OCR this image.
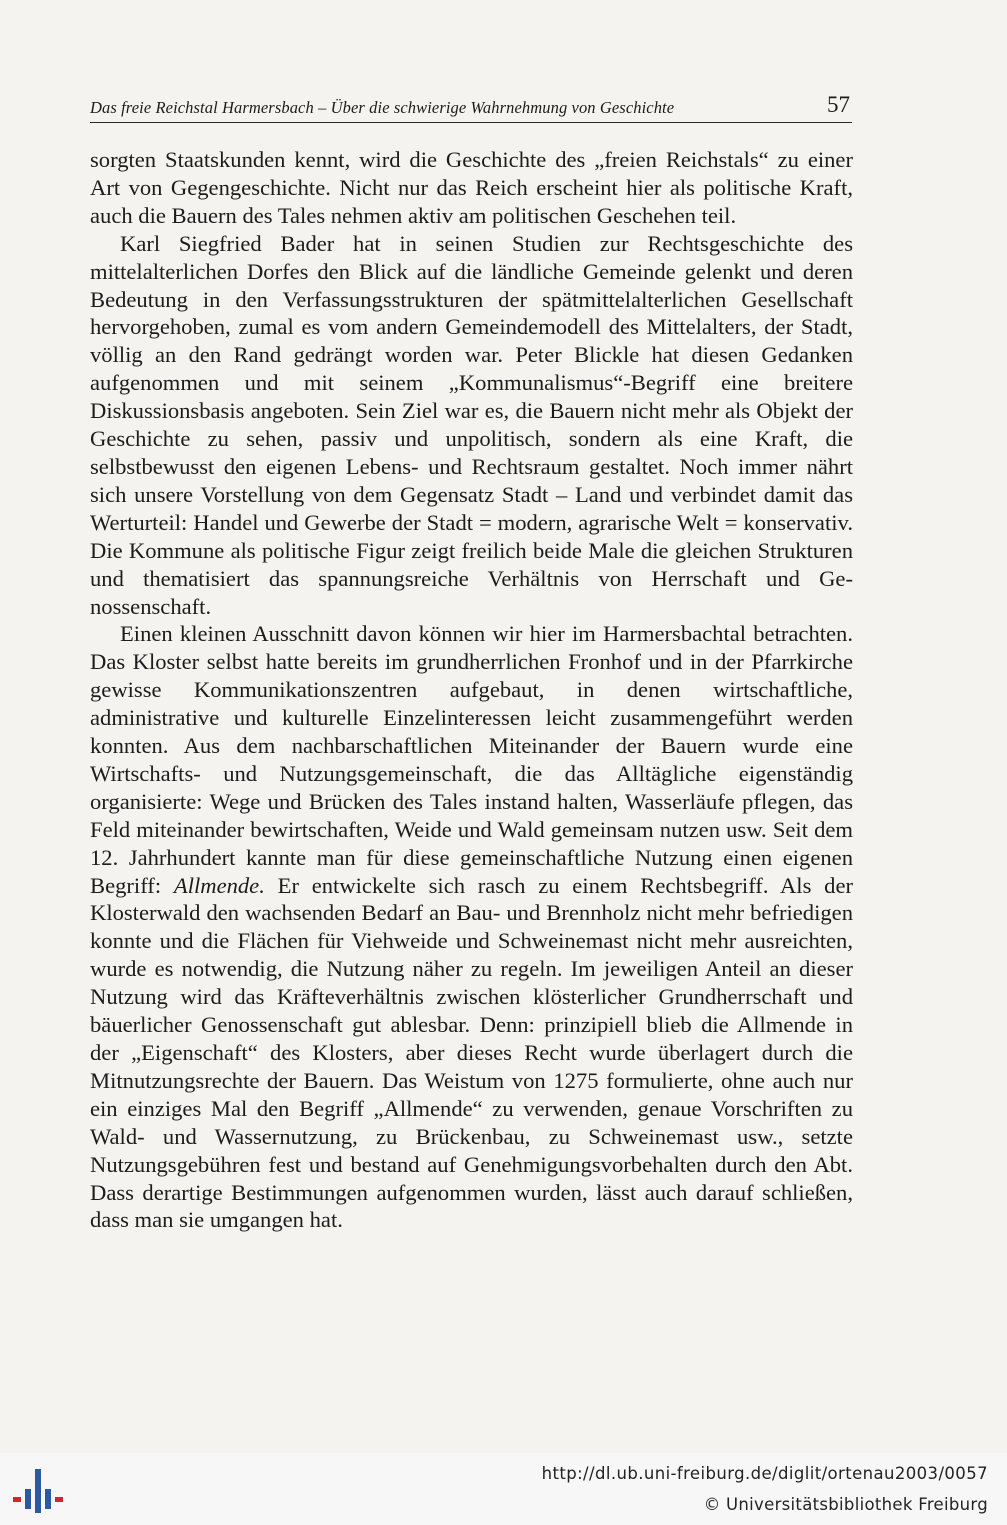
Das freie Reichstal Harmersbach – Über die schwierige Wahrnehmung von Geschichte	57

sorgten Staatskunden kennt, wird die Geschichte des „freien Reichstals“ zu einer Art von Gegengeschichte. Nicht nur das Reich erscheint hier als politische Kraft, auch die Bauern des Tales nehmen aktiv am politischen Geschehen teil.

Karl Siegfried Bader hat in seinen Studien zur Rechtsgeschichte des mittelalterlichen Dorfes den Blick auf die ländliche Gemeinde gelenkt und deren Bedeutung in den Verfassungsstrukturen der spätmittelalterlichen Gesellschaft hervorgehoben, zumal es vom andern Gemeindemodell des Mittelalters, der Stadt, völlig an den Rand gedrängt worden war. Peter Blickle hat diesen Gedanken aufgenommen und mit seinem „Kommunalismus“-Begriff eine breitere Diskussionsbasis angeboten. Sein Ziel war es, die Bauern nicht mehr als Objekt der Geschichte zu sehen, passiv und unpolitisch, sondern als eine Kraft, die selbstbewusst den eigenen Lebens- und Rechtsraum gestaltet. Noch immer nährt sich unsere Vorstellung von dem Gegensatz Stadt – Land und verbindet damit das Werturteil: Handel und Gewerbe der Stadt = modern, agrarische Welt = konservativ. Die Kommune als politische Figur zeigt freilich beide Male die gleichen Strukturen und thematisiert das spannungsreiche Verhältnis von Herrschaft und Genossenschaft.

Einen kleinen Ausschnitt davon können wir hier im Harmersbachtal betrachten. Das Kloster selbst hatte bereits im grundherrlichen Fronhof und in der Pfarrkirche gewisse Kommunikationszentren aufgebaut, in denen wirtschaftliche, administrative und kulturelle Einzelinteressen leicht zusammengeführt werden konnten. Aus dem nachbarschaftlichen Miteinander der Bauern wurde eine Wirtschafts- und Nutzungsgemeinschaft, die das Alltägliche eigenständig organisierte: Wege und Brücken des Tales instand halten, Wasserläufe pflegen, das Feld miteinander bewirtschaften, Weide und Wald gemeinsam nutzen usw. Seit dem 12. Jahrhundert kannte man für diese gemeinschaftliche Nutzung einen eigenen Begriff: Allmende. Er entwickelte sich rasch zu einem Rechtsbegriff. Als der Klosterwald den wachsenden Bedarf an Bau- und Brennholz nicht mehr befriedigen konnte und die Flächen für Viehweide und Schweinemast nicht mehr ausreichten, wurde es notwendig, die Nutzung näher zu regeln. Im jeweiligen Anteil an dieser Nutzung wird das Kräfteverhältnis zwischen klösterlicher Grundherrschaft und bäuerlicher Genossenschaft gut ablesbar. Denn: prinzipiell blieb die Allmende in der „Eigenschaft“ des Klosters, aber dieses Recht wurde überlagert durch die Mitnutzungsrechte der Bauern. Das Weistum von 1275 formulierte, ohne auch nur ein einziges Mal den Begriff „Allmende“ zu verwenden, genaue Vorschriften zu Wald- und Wassernutzung, zu Brückenbau, zu Schweinemast usw., setzte Nutzungsgebühren fest und bestand auf Genehmigungsvorbehalten durch den Abt. Dass derartige Bestimmungen aufgenommen wurden, lässt auch darauf schließen, dass man sie umgangen hat.

http://dl.ub.uni-freiburg.de/diglit/ortenau2003/0057
© Universitätsbibliothek Freiburg
